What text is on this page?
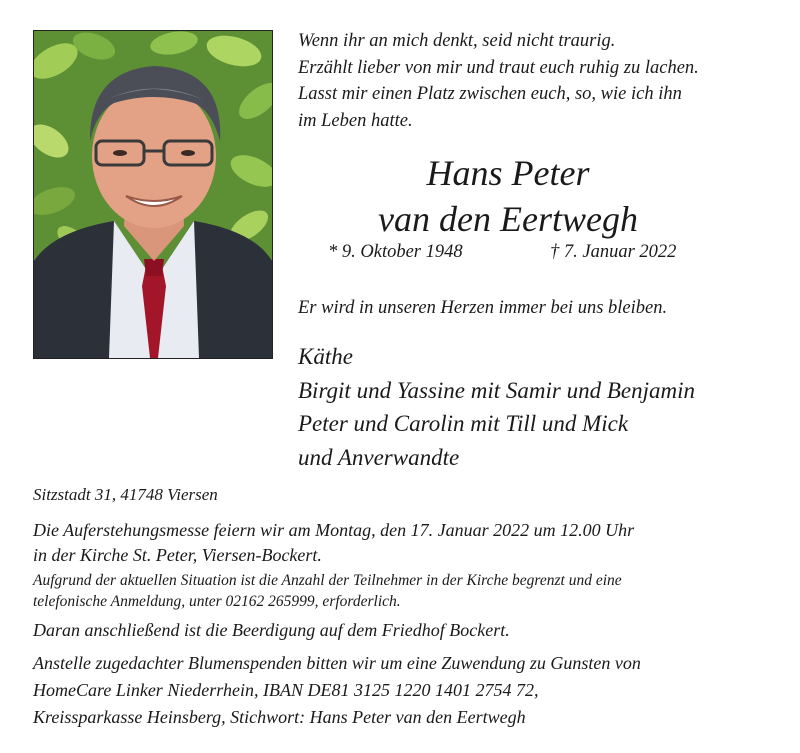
Wenn ihr an mich denkt, seid nicht traurig.
Erzählt lieber von mir und traut euch ruhig zu lachen.
Lasst mir einen Platz zwischen euch, so, wie ich ihn
im Leben hatte.
Hans Peter
van den Eertwegh
* 9. Oktober 1948	† 7. Januar 2022
Er wird in unseren Herzen immer bei uns bleiben.
Käthe
Birgit und Yassine mit Samir und Benjamin
Peter und Carolin mit Till und Mick
und Anverwandte
Sitzstadt 31, 41748 Viersen
Die Auferstehungsmesse feiern wir am Montag, den 17. Januar 2022 um 12.00 Uhr
in der Kirche St. Peter, Viersen-Bockert.
Aufgrund der aktuellen Situation ist die Anzahl der Teilnehmer in der Kirche begrenzt und eine
telefonische Anmeldung, unter 02162 265999, erforderlich.
Daran anschließend ist die Beerdigung auf dem Friedhof Bockert.
Anstelle zugedachter Blumenspenden bitten wir um eine Zuwendung zu Gunsten von
HomeCare Linker Niederrhein, IBAN DE81 3125 1220 1401 2754 72,
Kreissparkasse Heinsberg, Stichwort: Hans Peter van den Eertwegh
